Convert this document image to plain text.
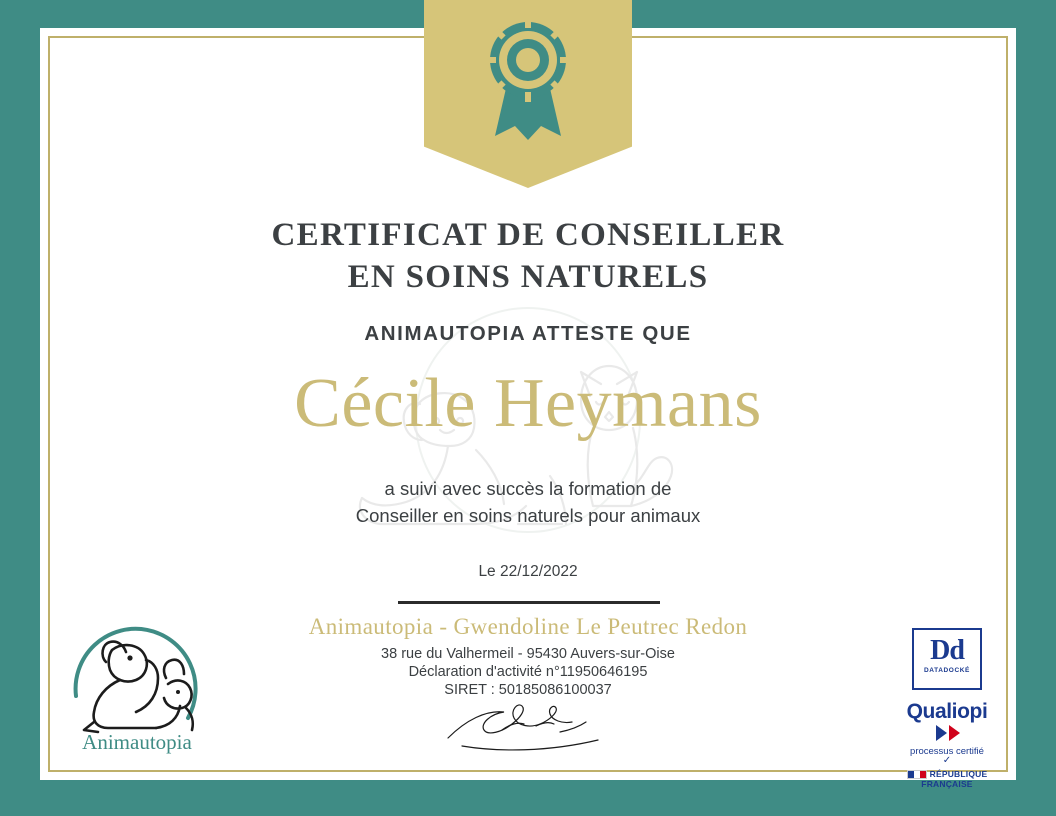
CERTIFICAT DE CONSEILLER
EN SOINS NATURELS
ANIMAUTOPIA ATTESTE QUE
Cécile Heymans
a suivi avec succès la formation de
Conseiller en soins naturels pour animaux
Le 22/12/2022
Animautopia - Gwendoline Le Peutrec Redon
38 rue du Valhermeil - 95430 Auvers-sur-Oise
Déclaration d'activité n°11950646195
SIRET : 50185086100037
Animautopia
Dd
DATADOCKÉ
Qualiopi
processus certifié
✓
RÉPUBLIQUE FRANÇAISE
